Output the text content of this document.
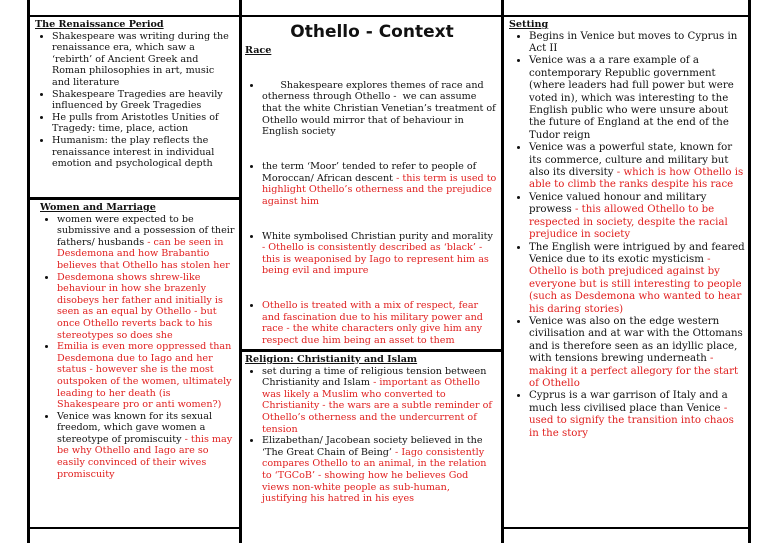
Othello - Context
The Renaissance Period
• Shakespeare was writing during the renaissance era, which saw a ‘rebirth’ of Ancient Greek and Roman philosophies in art, music and literature
• Shakespeare Tragedies are heavily influenced by Greek Tragedies
• He pulls from Aristotles Unities of Tragedy: time, place, action
• Humanism: the play reflects the renaissance interest in individual emotion and psychological depth
Women and Marriage
• women were expected to be submissive and a possession of their fathers/ husbands - can be seen in Desdemona and how Brabantio believes that Othello has stolen her
• Desdemona shows shrew-like behaviour in how she brazenly disobeys her father and initially is seen as an equal by Othello - but once Othello reverts back to his stereotypes so does she
• Emilia is even more oppressed than Desdemona due to Iago and her status - however she is the most outspoken of the women, ultimately leading to her death (is Shakespeare pro or anti women?)
• Venice was known for its sexual freedom, which gave women a stereotype of promiscuity - this may be why Othello and Iago are so easily convinced of their wives promiscuity
Race

•       Shakespeare explores themes of race and otherness through Othello -  we can assume that the white Christian Venetian’s treatment of Othello would mirror that of behaviour in English society

• the term ‘Moor’ tended to refer to people of Moroccan/ African descent - this term is used to highlight Othello’s otherness and the prejudice against him

• White symbolised Christian purity and morality - Othello is consistently described as ‘black’ - this is weaponised by Iago to represent him as being evil and impure

• Othello is treated with a mix of respect, fear and fascination due to his military power and race - the white characters only give him any respect due him being an asset to them

Religion: Christianity and Islam
• set during a time of religious tension between Christianity and Islam - important as Othello was likely a Muslim who converted to Christianity - the wars are a subtle reminder of Othello’s otherness and the undercurrent of tension
• Elizabethan/ Jacobean society believed in the ‘The Great Chain of Being’ - Iago consistently compares Othello to an animal, in the relation to ‘TGCoB’ - showing how he believes God views non-white people as sub-human, justifying his hatred in his eyes
Setting
• Begins in Venice but moves to Cyprus in Act II
• Venice was a a rare example of a contemporary Republic government (where leaders had full power but were voted in), which was interesting to the English public who were unsure about the future of England at the end of the Tudor reign
• Venice was a powerful state, known for its commerce, culture and military but also its diversity - which is how Othello is able to climb the ranks despite his race
• Venice valued honour and military prowess - this allowed Othello to be respected in society, despite the racial prejudice in society
• The English were intrigued by and feared Venice due to its exotic mysticism - Othello is both prejudiced against by everyone but is still interesting to people (such as Desdemona who wanted to hear his daring stories)
• Venice was also on the edge western civilisation and at war with the Ottomans and is therefore seen as an idyllic place, with tensions brewing underneath - making it a perfect allegory for the start of Othello
• Cyprus is a war garrison of Italy and a much less civilised place than Venice - used to signify the transition into chaos in the story
